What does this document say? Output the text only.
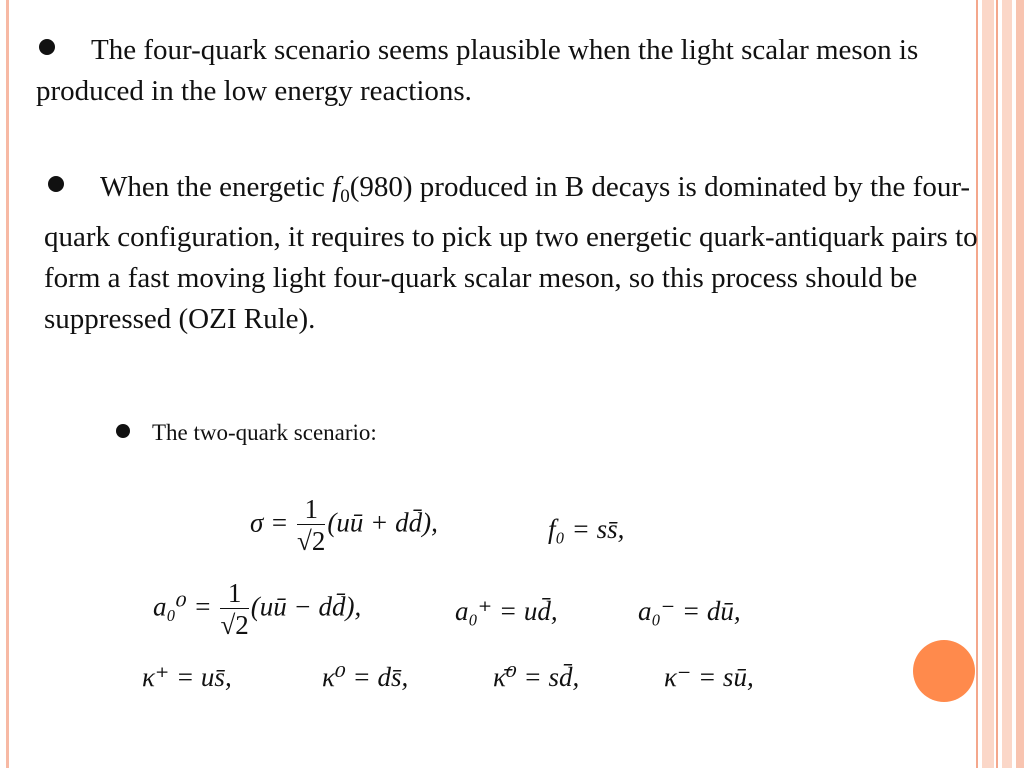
The four-quark scenario seems plausible when the light scalar meson is produced in the low energy reactions.
When the energetic $f_0(980)$ produced in B decays is dominated by the four-quark configuration, it requires to pick up two energetic quark-antiquark pairs to form a fast moving light four-quark scalar meson, so this process should be suppressed (OZI Rule).
The two-quark scenario:
$\sigma = \frac{1}{√2}$ (uū + dd̄),	f₀ = ss̄,
$a_0^0 = \frac{1}{√2}$ (uū − dd̄),	a₀⁺ = ud̄,	a₀⁻ = dū,
κ⁺ = us̄,	κ⁰ = ds̄,	κ̄⁰ = sd̄,	κ⁻ = sū,
